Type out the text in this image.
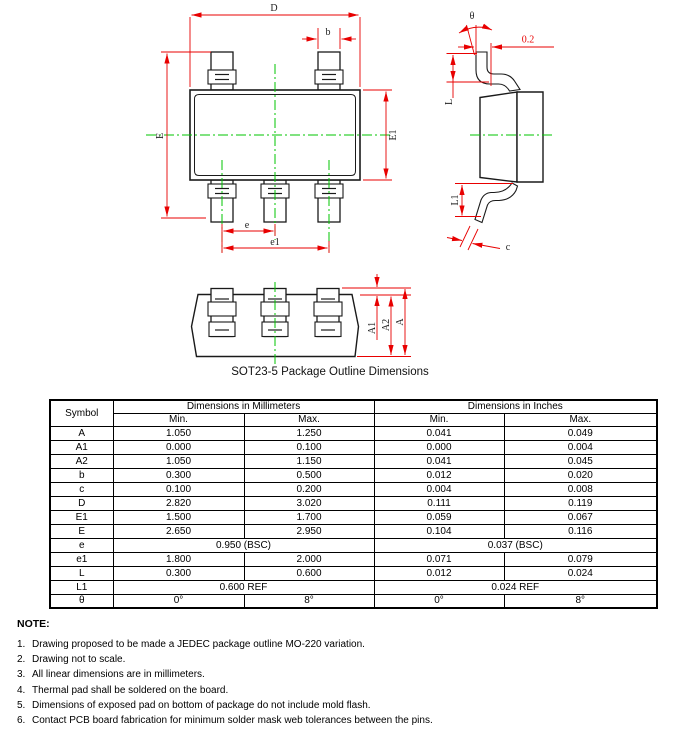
D
b
E	E1
e
e1
θ
0.2
L
L1
c
A1 A2 A
SOT23-5 Package Outline Dimensions
Symbol	Dimensions in Millimeters		Dimensions in Inches	
	Min.	Max.	Min.	Max.
A	1.050	1.250	0.041	0.049
A1	0.000	0.100	0.000	0.004
A2	1.050	1.150	0.041	0.045
b	0.300	0.500	0.012	0.020
c	0.100	0.200	0.004	0.008
D	2.820	3.020	0.111	0.119
E1	1.500	1.700	0.059	0.067
E	2.650	2.950	0.104	0.116
e	0.950 (BSC)		0.037 (BSC)	
e1	1.800	2.000	0.071	0.079
L	0.300	0.600	0.012	0.024
L1	0.600 REF		0.024 REF	
θ	0°	8°	0°	8°
NOTE:
1. Drawing proposed to be made a JEDEC package outline MO-220 variation.
2. Drawing not to scale.
3. All linear dimensions are in millimeters.
4. Thermal pad shall be soldered on the board.
5. Dimensions of exposed pad on bottom of package do not include mold flash.
6. Contact PCB board fabrication for minimum solder mask web tolerances between the pins.
